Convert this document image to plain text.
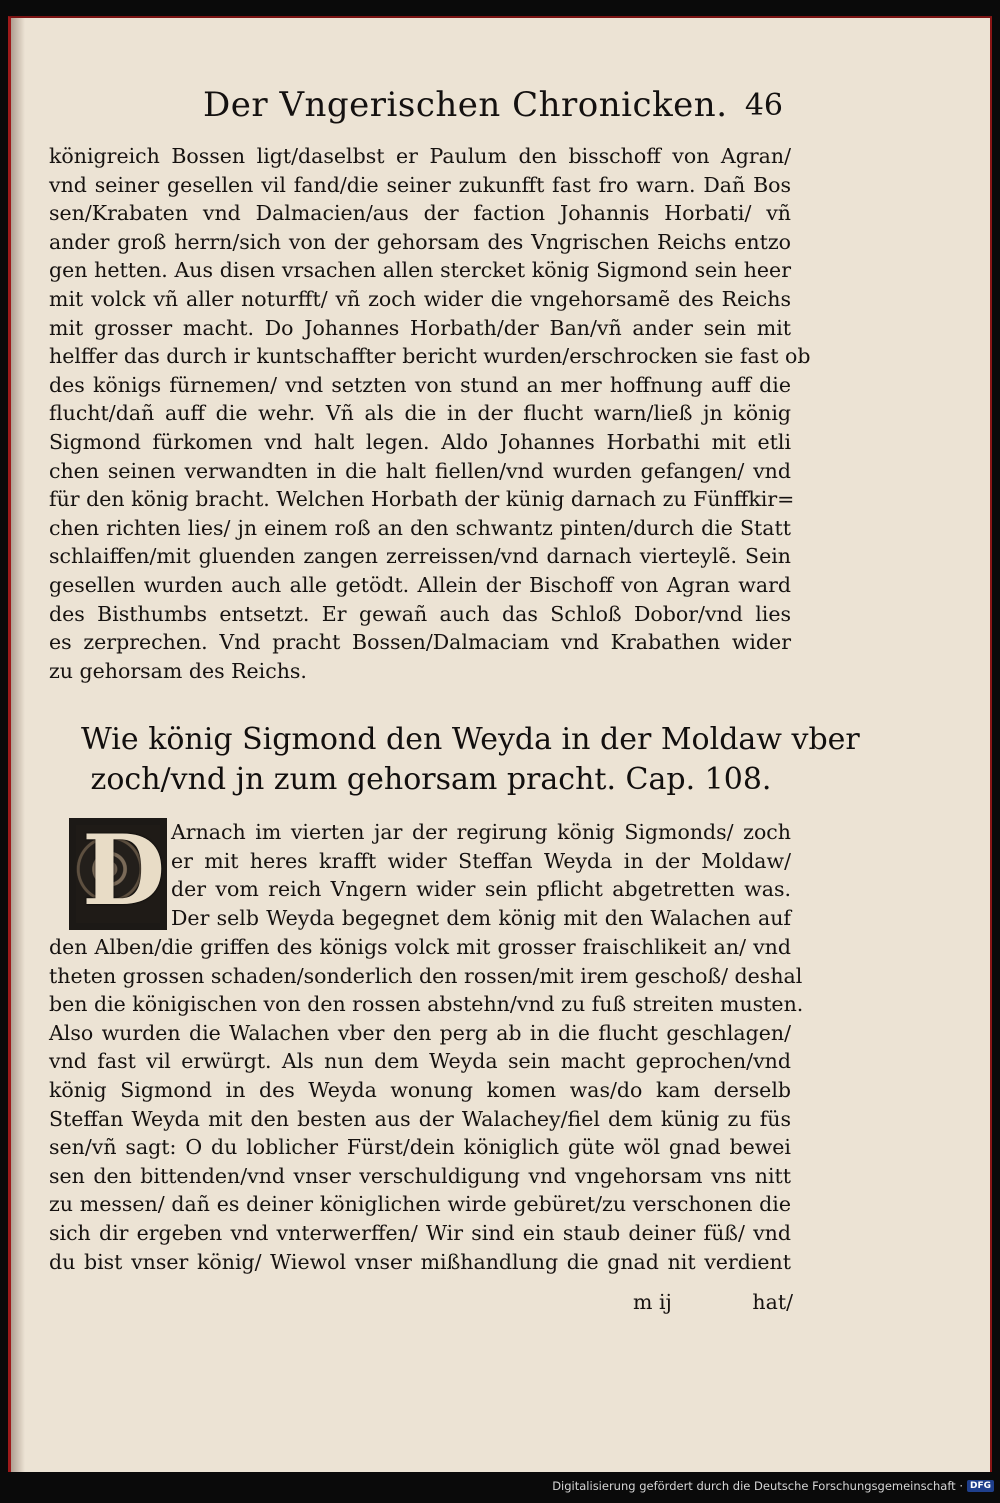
Der Vngerischen Chronicken. 46
königreich Bossen ligt/daselbst er Paulum den bisschoff von Agran/
vnd seiner gesellen vil fand/die seiner zukunfft fast fro warn. Dañ Bos
sen/Krabaten vnd Dalmacien/aus der faction Johannis Horbati/ vñ
ander groß herrn/sich von der gehorsam des Vngrischen Reichs entzo
gen hetten. Aus disen vrsachen allen stercket könig Sigmond sein heer
mit volck vñ aller noturfft/ vñ zoch wider die vngehorsamẽ des Reichs
mit grosser macht. Do Johannes Horbath/der Ban/vñ ander sein mit
helffer das durch ir kuntschaffter bericht wurden/erschrocken sie fast ob
des königs fürnemen/ vnd setzten von stund an mer hoffnung auff die
flucht/dañ auff die wehr. Vñ als die in der flucht warn/ließ jn könig
Sigmond fürkomen vnd halt legen. Aldo Johannes Horbathi mit etli
chen seinen verwandten in die halt fiellen/vnd wurden gefangen/ vnd
für den könig bracht. Welchen Horbath der künig darnach zu Fünffkir=
chen richten lies/ jn einem roß an den schwantz pinten/durch die Statt
schlaiffen/mit gluenden zangen zerreissen/vnd darnach vierteylẽ. Sein
gesellen wurden auch alle getödt. Allein der Bischoff von Agran ward
des Bisthumbs entsetzt. Er gewañ auch das Schloß Dobor/vnd lies
es zerprechen. Vnd pracht Bossen/Dalmaciam vnd Krabathen wider
zu gehorsam des Reichs.
Wie könig Sigmond den Weyda in der Moldaw vber
zoch/vnd jn zum gehorsam pracht. Cap. 108.
D Arnach im vierten jar der regirung könig Sigmonds/ zoch
er mit heres krafft wider Steffan Weyda in der Moldaw/
der vom reich Vngern wider sein pflicht abgetretten was.
Der selb Weyda begegnet dem könig mit den Walachen auf
den Alben/die griffen des königs volck mit grosser fraischlikeit an/ vnd
theten grossen schaden/sonderlich den rossen/mit irem geschoß/ deshal
ben die königischen von den rossen abstehn/vnd zu fuß streiten musten.
Also wurden die Walachen vber den perg ab in die flucht geschlagen/
vnd fast vil erwürgt. Als nun dem Weyda sein macht geprochen/vnd
könig Sigmond in des Weyda wonung komen was/do kam derselb
Steffan Weyda mit den besten aus der Walachey/fiel dem künig zu füs
sen/vñ sagt: O du loblicher Fürst/dein königlich güte wöl gnad bewei
sen den bittenden/vnd vnser verschuldigung vnd vngehorsam vns nitt
zu messen/ dañ es deiner königlichen wirde gebüret/zu verschonen die
sich dir ergeben vnd vnterwerffen/ Wir sind ein staub deiner füß/ vnd
du bist vnser könig/ Wiewol vnser mißhandlung die gnad nit verdient
m ij	hat/
Digitalisierung gefördert durch die Deutsche Forschungsgemeinschaft · DFG
